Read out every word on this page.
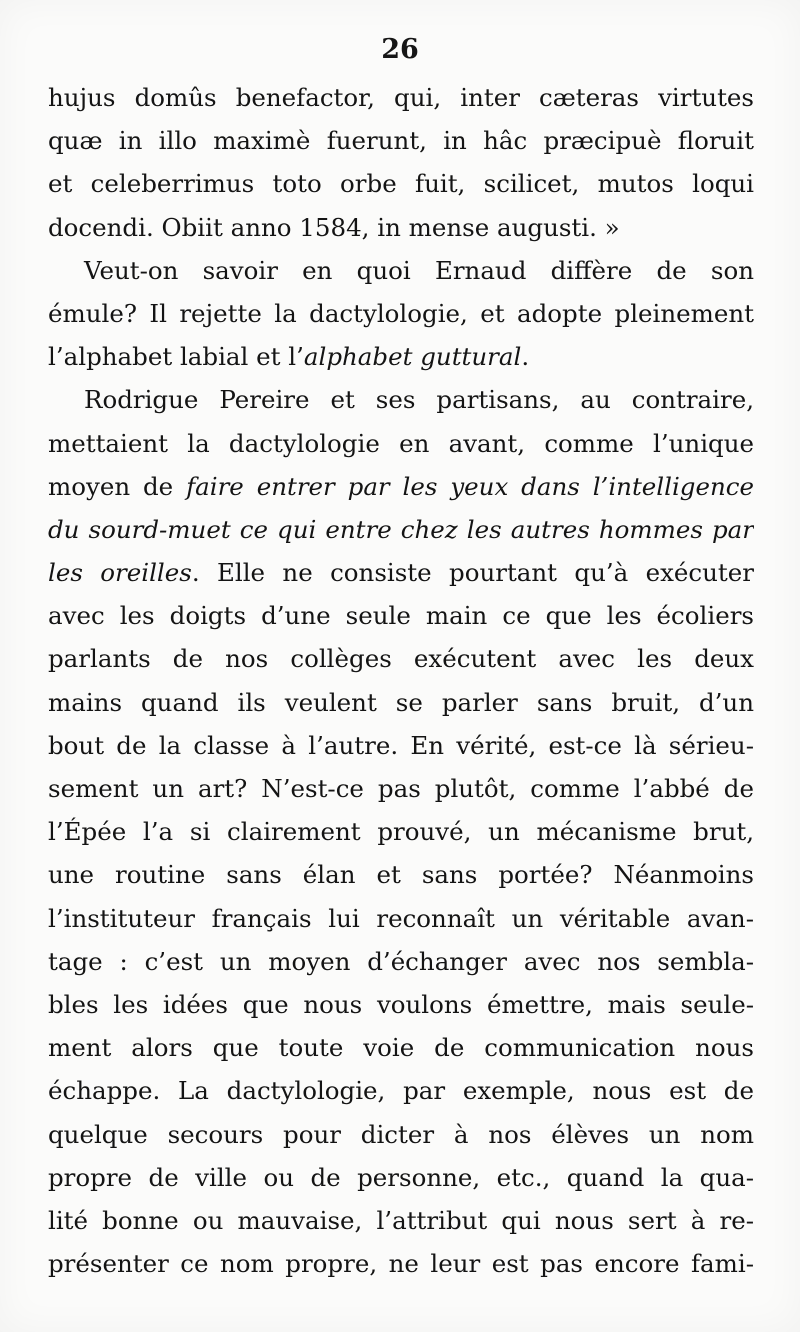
26
hujus domûs benefactor, qui, inter cæteras virtutes
quæ in illo maximè fuerunt, in hâc præcipuè floruit
et celeberrimus toto orbe fuit, scilicet, mutos loqui
docendi. Obiit anno 1584, in mense augusti. »
Veut-on savoir en quoi Ernaud diffère de son
émule? Il rejette la dactylologie, et adopte pleinement
l’alphabet labial et l’alphabet guttural.
Rodrigue Pereire et ses partisans, au contraire,
mettaient la dactylologie en avant, comme l’unique
moyen de faire entrer par les yeux dans l’intelligence
du sourd-muet ce qui entre chez les autres hommes par
les oreilles. Elle ne consiste pourtant qu’à exécuter
avec les doigts d’une seule main ce que les écoliers
parlants de nos collèges exécutent avec les deux
mains quand ils veulent se parler sans bruit, d’un
bout de la classe à l’autre. En vérité, est-ce là sérieu-
sement un art? N’est-ce pas plutôt, comme l’abbé de
l’Épée l’a si clairement prouvé, un mécanisme brut,
une routine sans élan et sans portée? Néanmoins
l’instituteur français lui reconnaît un véritable avan-
tage : c’est un moyen d’échanger avec nos sembla-
bles les idées que nous voulons émettre, mais seule-
ment alors que toute voie de communication nous
échappe. La dactylologie, par exemple, nous est de
quelque secours pour dicter à nos élèves un nom
propre de ville ou de personne, etc., quand la qua-
lité bonne ou mauvaise, l’attribut qui nous sert à re-
présenter ce nom propre, ne leur est pas encore fami-
